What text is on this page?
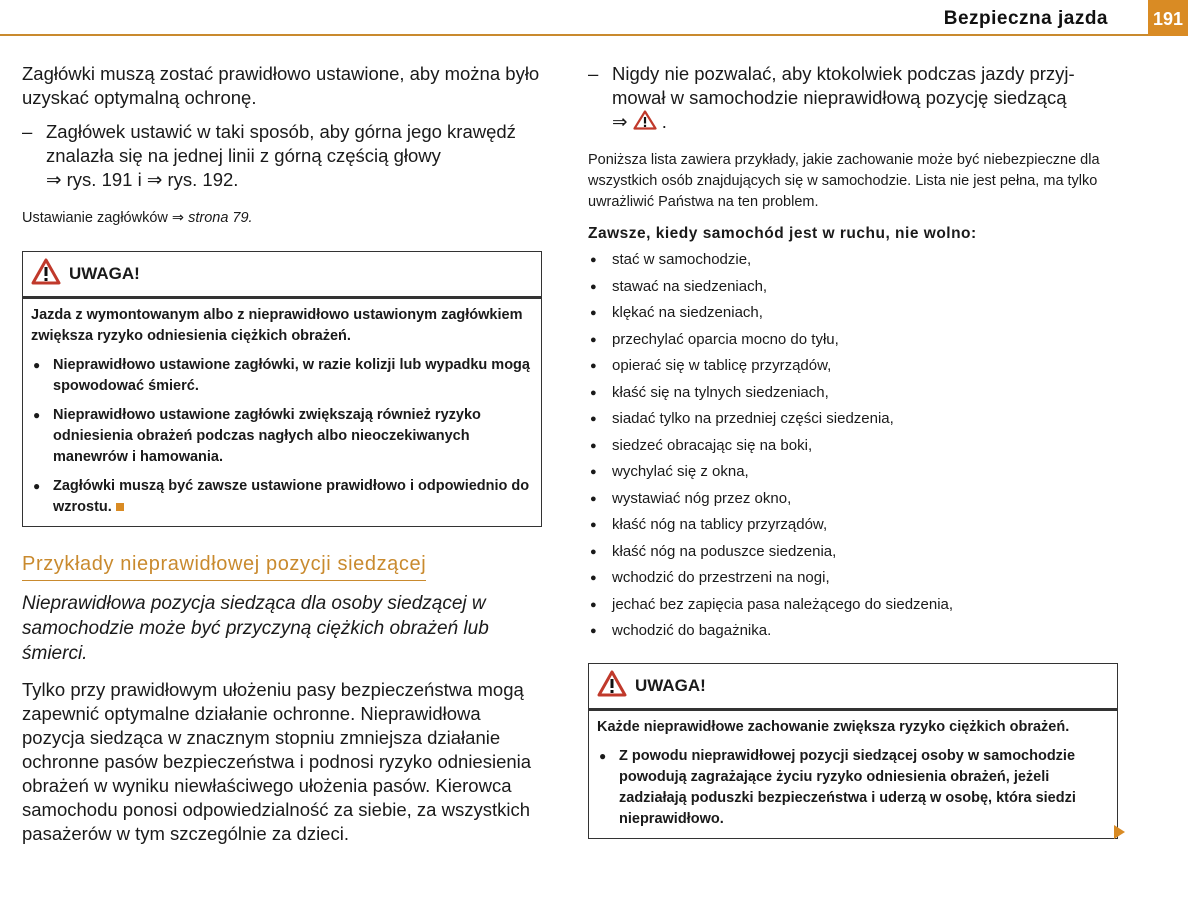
Bezpieczna jazda 191

Zagłówki muszą zostać prawidłowo ustawione, aby można było uzyskać optymalną ochronę.

– Zagłówek ustawić w taki sposób, aby górna jego krawędź
znalazła się na jednej linii z górną częścią głowy
⇒ rys. 191 i ⇒ rys. 192.

Ustawianie zagłówków ⇒ strona 79.

UWAGA!

Jazda z wymontowanym albo z nieprawidłowo ustawionym zagłówkiem zwiększa ryzyko odniesienia ciężkich obrażeń.

● Nieprawidłowo ustawione zagłówki, w razie kolizji lub wypadku mogą spowodować śmierć.

● Nieprawidłowo ustawione zagłówki zwiększają również ryzyko odniesienia obrażeń podczas nagłych albo nieoczekiwanych manewrów i hamowania.

● Zagłówki muszą być zawsze ustawione prawidłowo i odpowiednio do wzrostu.

Przykłady nieprawidłowej pozycji siedzącej

Nieprawidłowa pozycja siedząca dla osoby siedzącej w samochodzie może być przyczyną ciężkich obrażeń lub śmierci.

Tylko przy prawidłowym ułożeniu pasy bezpieczeństwa mogą zapewnić optymalne działanie ochronne. Nieprawidłowa pozycja siedząca w znacznym stopniu zmniejsza działanie ochronne pasów bezpieczeństwa i podnosi ryzyko odniesienia obrażeń w wyniku niewłaściwego ułożenia pasów. Kierowca samochodu ponosi odpowiedzialność za siebie, za wszystkich pasażerów w tym szczególnie za dzieci.

– Nigdy nie pozwalać, aby ktokolwiek podczas jazdy przyj-
mował w samochodzie nieprawidłową pozycję siedzącą
⇒ .

Poniższa lista zawiera przykłady, jakie zachowanie może być niebezpieczne dla wszystkich osób znajdujących się w samochodzie. Lista nie jest pełna, ma tylko uwrażliwić Państwa na ten problem.

Zawsze, kiedy samochód jest w ruchu, nie wolno:

● stać w samochodzie,
● stawać na siedzeniach,
● klękać na siedzeniach,
● przechylać oparcia mocno do tyłu,
● opierać się w tablicę przyrządów,
● kłaść się na tylnych siedzeniach,
● siadać tylko na przedniej części siedzenia,
● siedzeć obracając się na boki,
● wychylać się z okna,
● wystawiać nóg przez okno,
● kłaść nóg na tablicy przyrządów,
● kłaść nóg na poduszce siedzenia,
● wchodzić do przestrzeni na nogi,
● jechać bez zapięcia pasa należącego do siedzenia,
● wchodzić do bagażnika.
UWAGA!

Każde nieprawidłowe zachowanie zwiększa ryzyko ciężkich obrażeń.

● Z powodu nieprawidłowej pozycji siedzącej osoby w samochodzie powodują zagrażające życiu ryzyko odniesienia obrażeń, jeżeli zadziałają poduszki bezpieczeństwa i uderzą w osobę, która siedzi nieprawidłowo.
